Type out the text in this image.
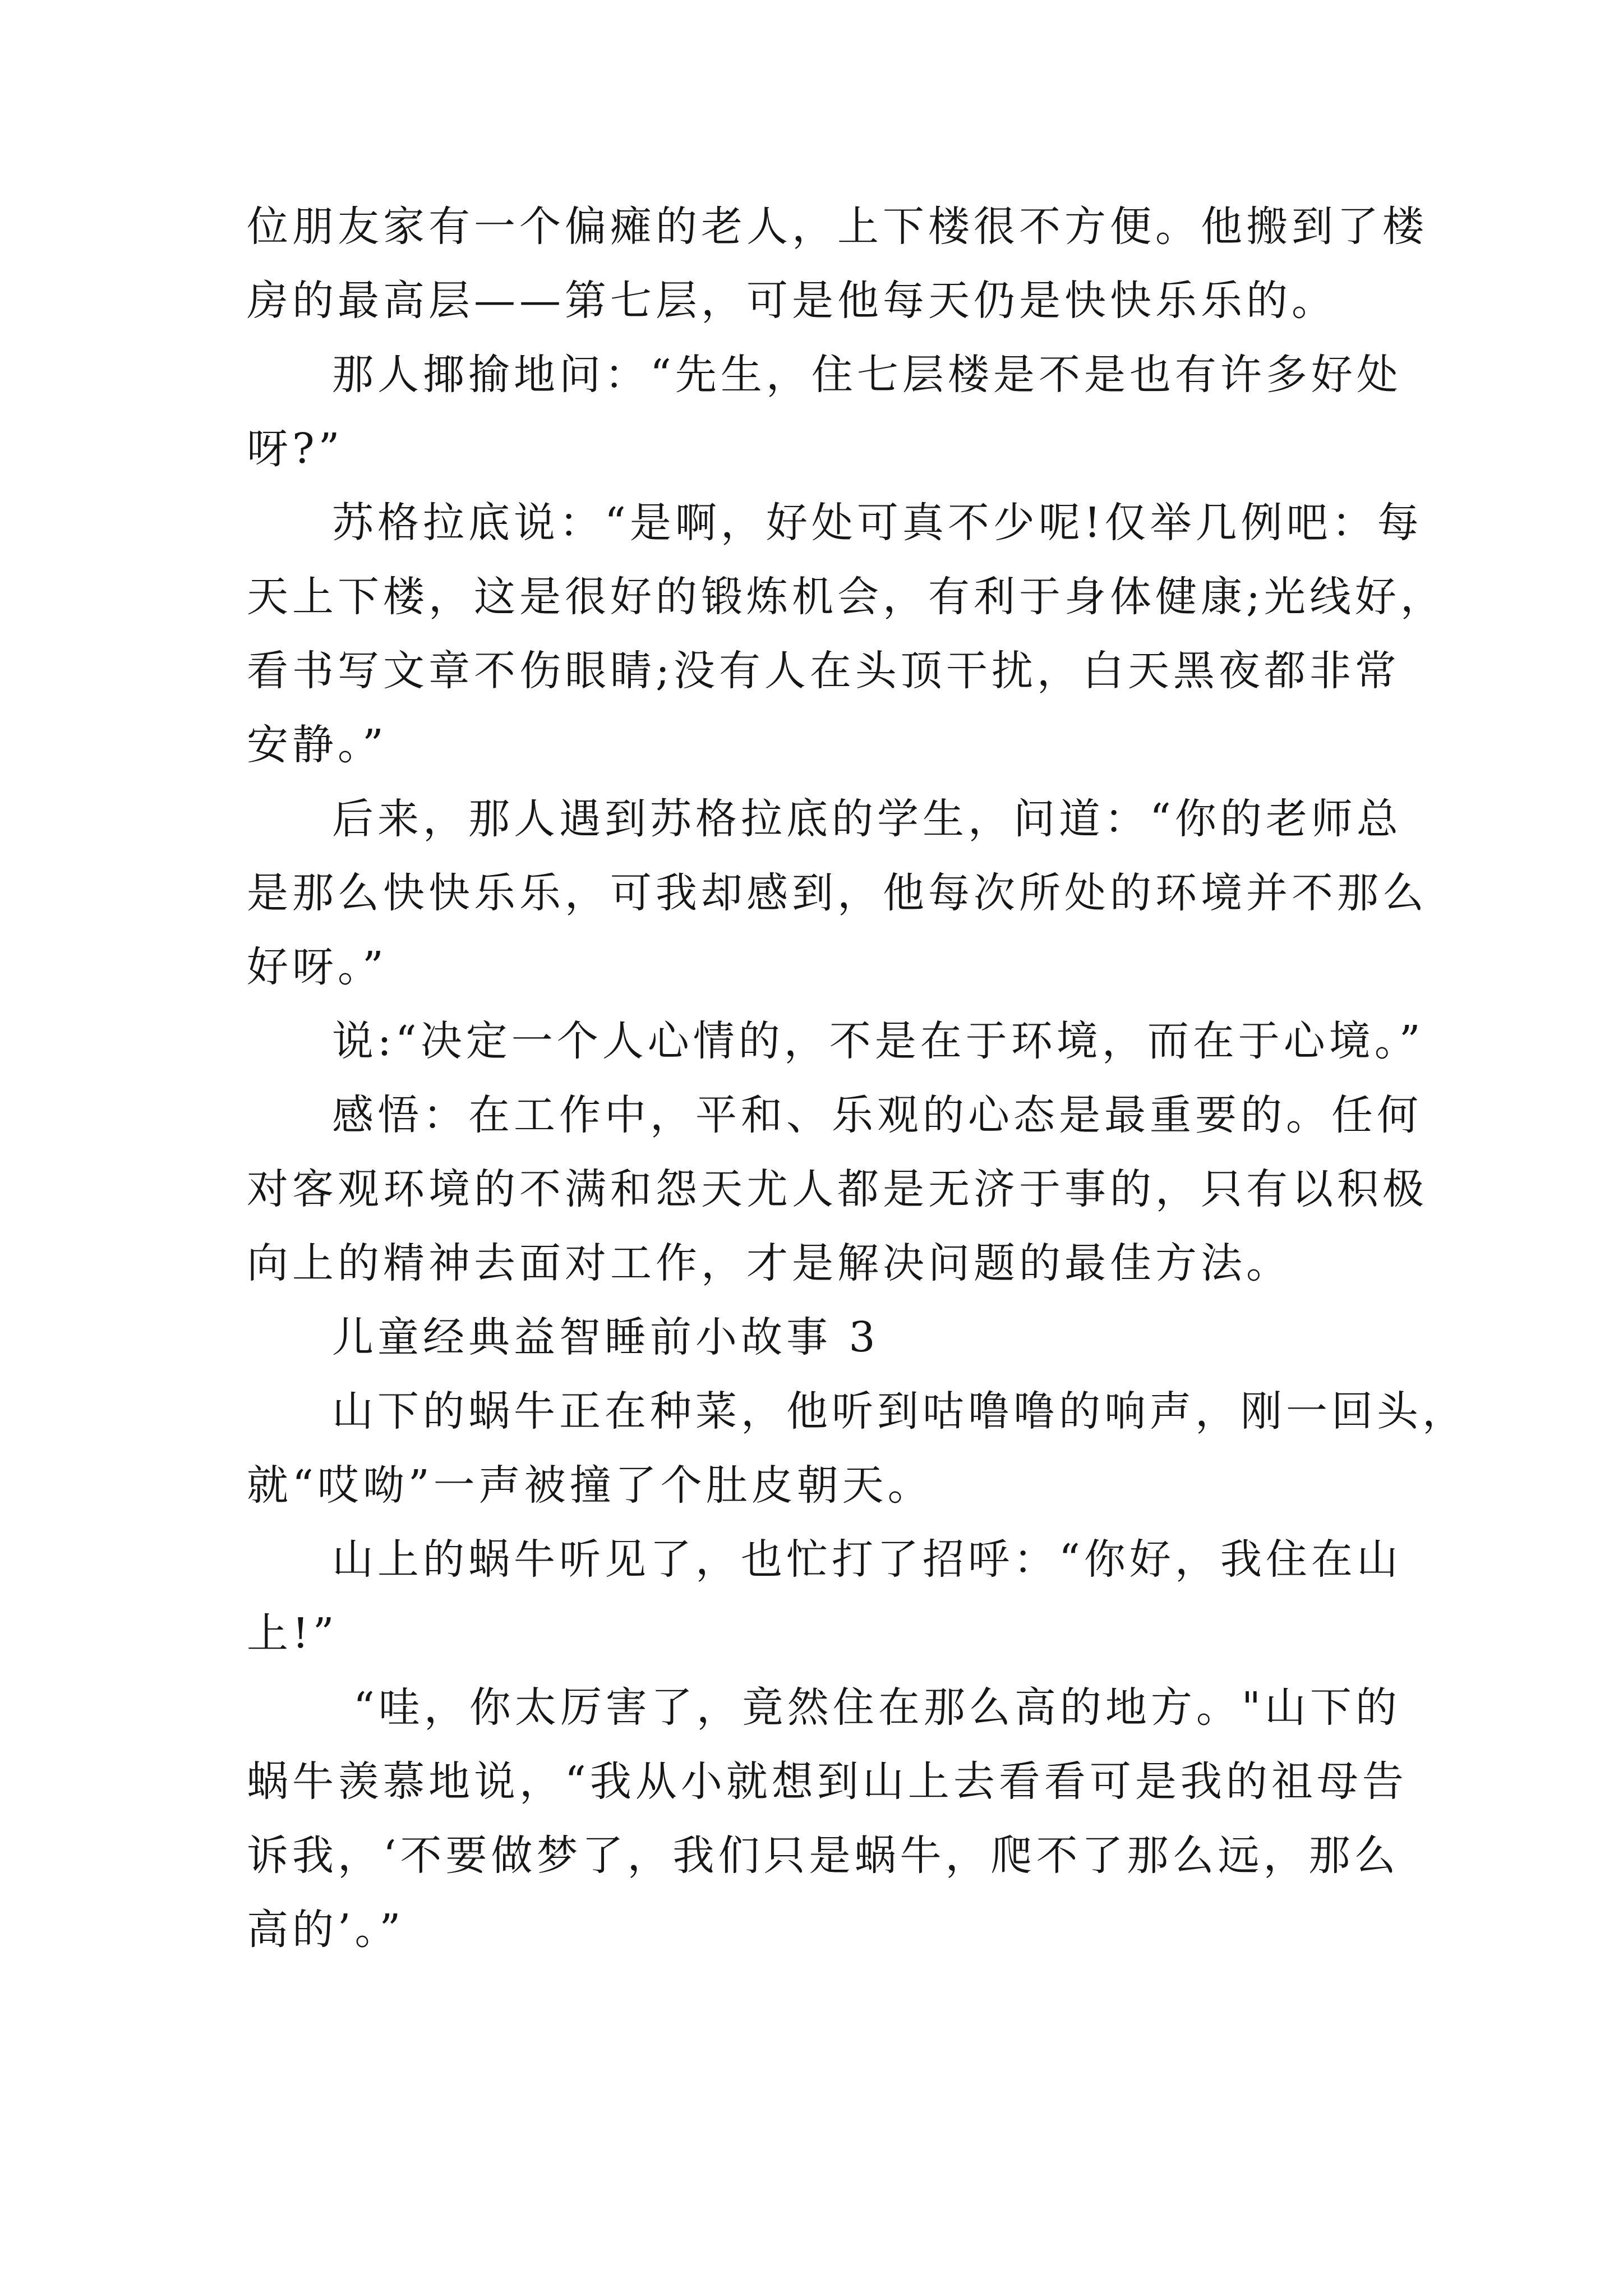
位朋友家有一个偏瘫的老人，上下楼很不方便。他搬到了楼
房的最高层——第七层，可是他每天仍是快快乐乐的。
那人揶揄地问：“先生，住七层楼是不是也有许多好处
呀?”
苏格拉底说：“是啊，好处可真不少呢!仅举几例吧：每
天上下楼，这是很好的锻炼机会，有利于身体健康;光线好，
看书写文章不伤眼睛;没有人在头顶干扰，白天黑夜都非常
安静。”
后来，那人遇到苏格拉底的学生，问道：“你的老师总
是那么快快乐乐，可我却感到，他每次所处的环境并不那么
好呀。”
说:“决定一个人心情的，不是在于环境，而在于心境。”
感悟：在工作中，平和、乐观的心态是最重要的。任何
对客观环境的不满和怨天尤人都是无济于事的，只有以积极
向上的精神去面对工作，才是解决问题的最佳方法。
儿童经典益智睡前小故事 3
山下的蜗牛正在种菜，他听到咕噜噜的响声，刚一回头，
就“哎呦”一声被撞了个肚皮朝天。
山上的蜗牛听见了，也忙打了招呼：“你好，我住在山
上!”
“哇，你太厉害了，竟然住在那么高的地方。"山下的
蜗牛羡慕地说，“我从小就想到山上去看看可是我的祖母告
诉我，‘不要做梦了，我们只是蜗牛，爬不了那么远，那么
高的’。”
